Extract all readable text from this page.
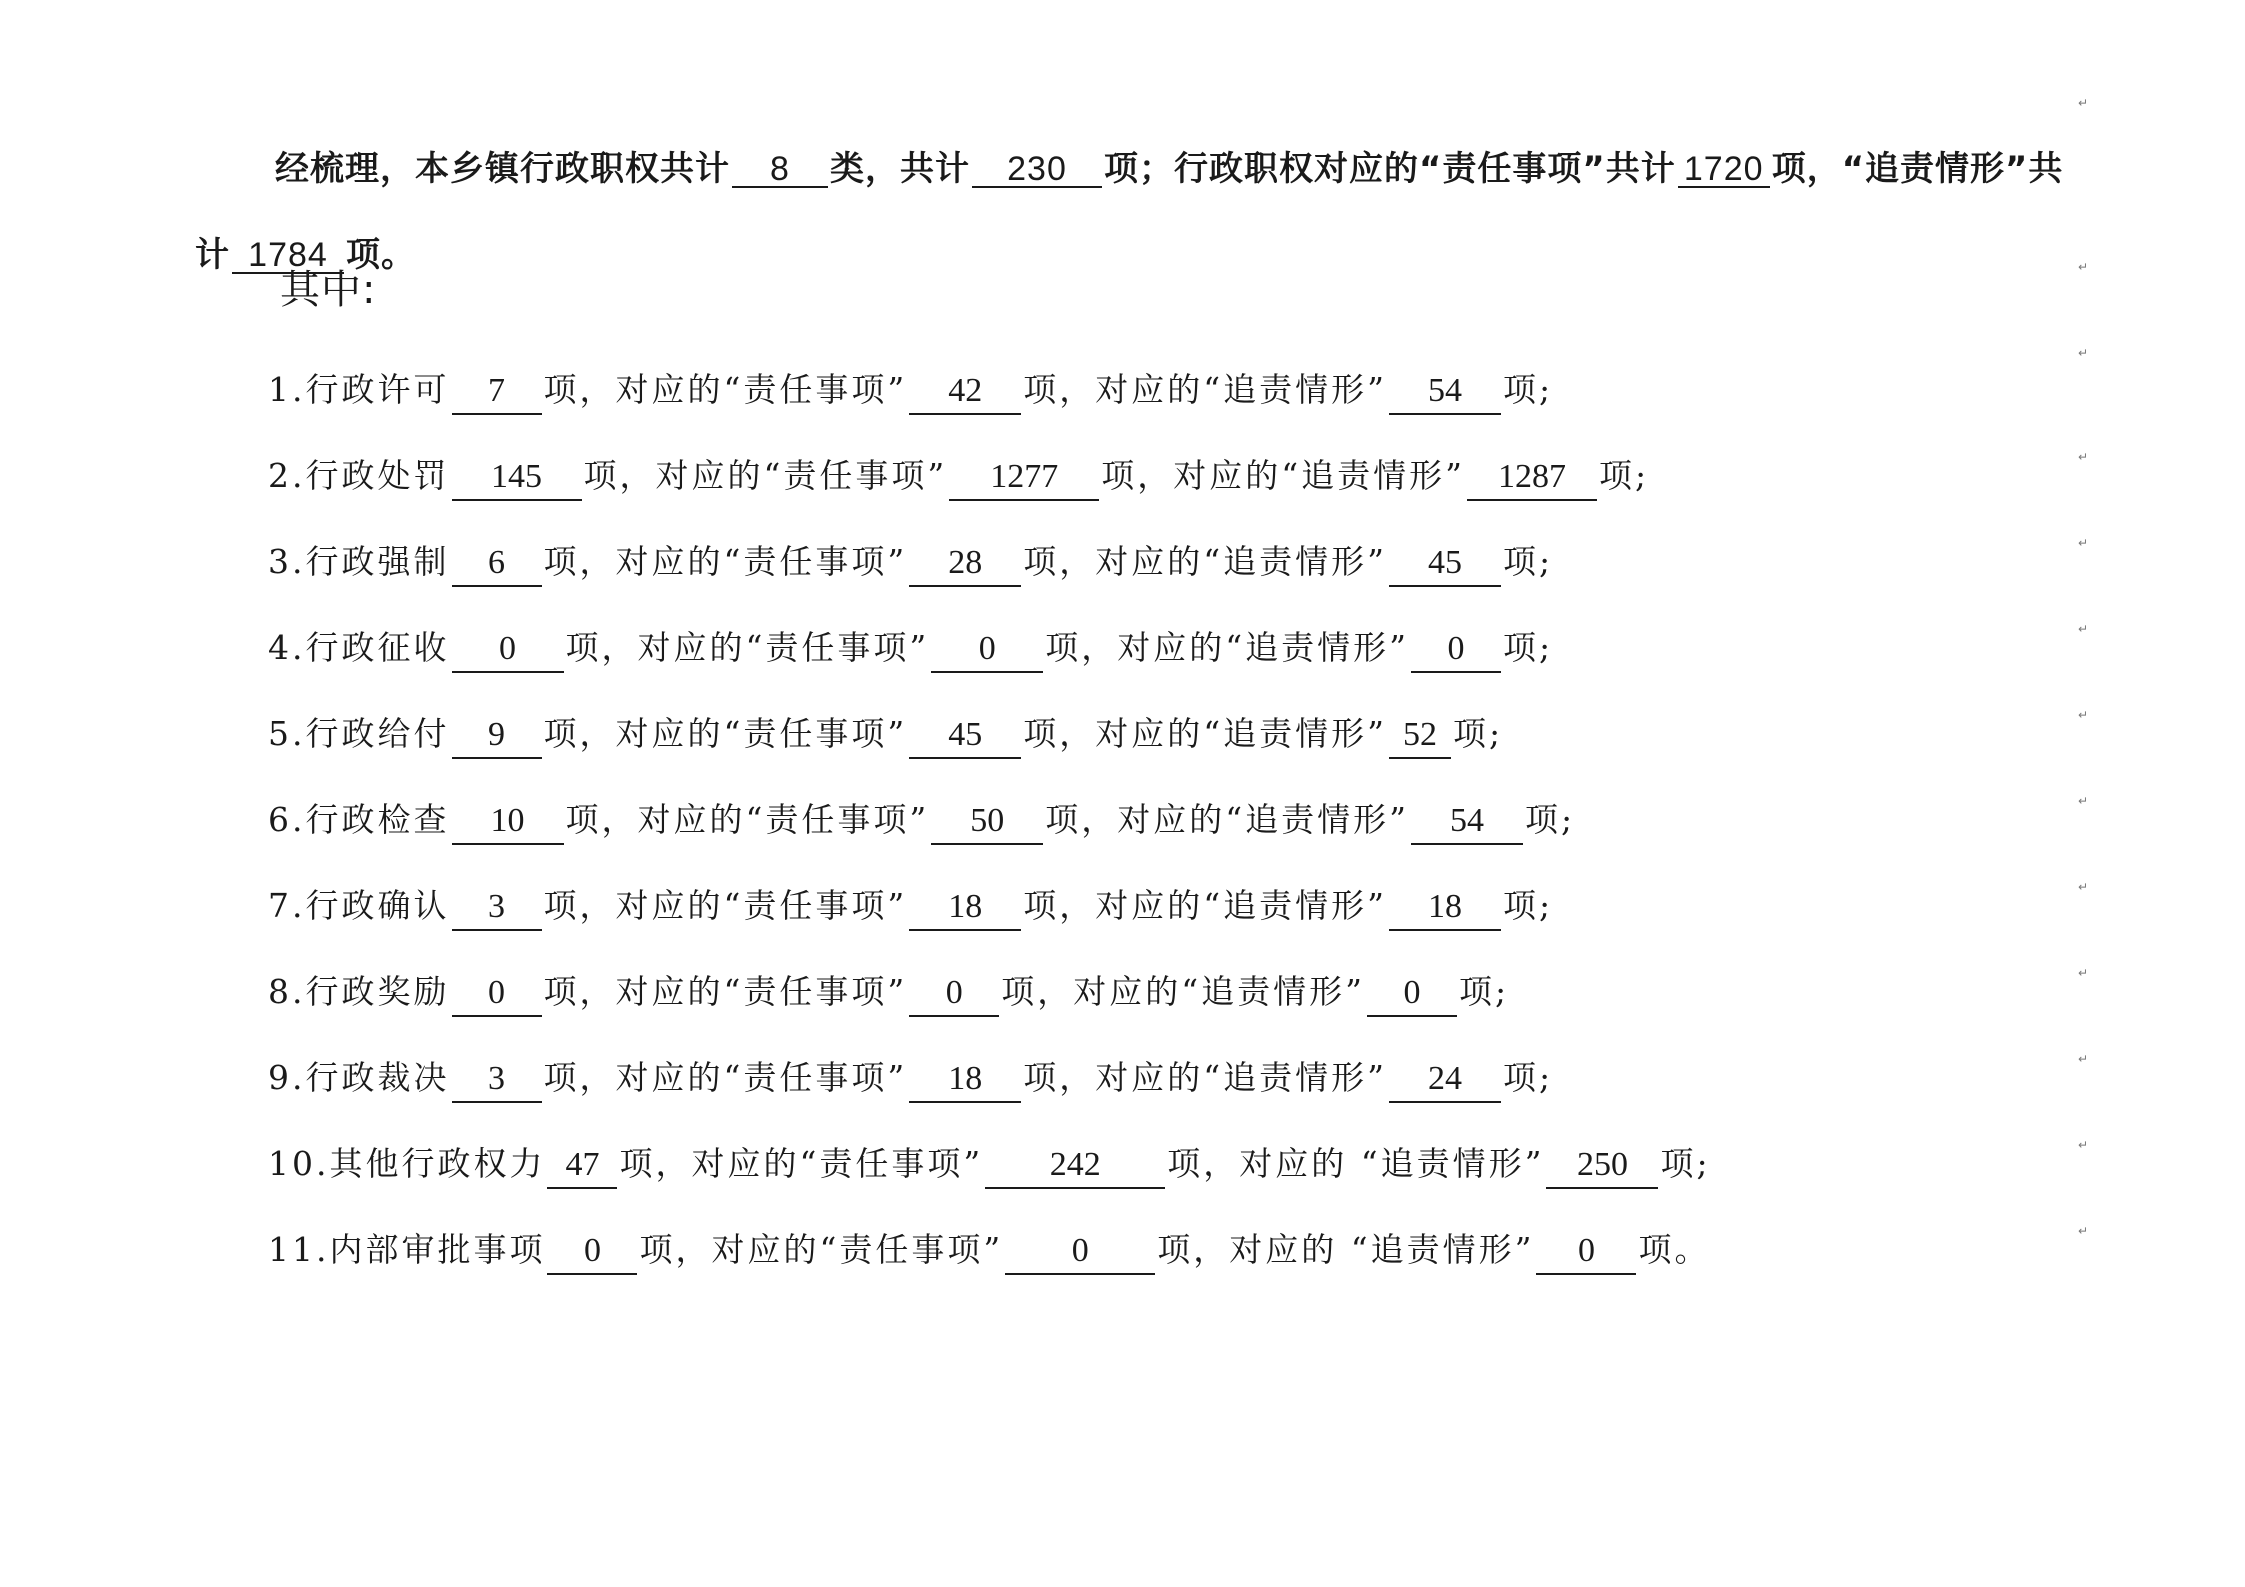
经梳理，本乡镇行政职权共计 8 类，共计 230 项；行政职权对应的“责任事项”共计 1720 项，“追责情形”共计 1784 项。

其中:
1.行政许可 7 项，对应的“责任事项” 42 项，对应的“追责情形” 54 项;
2.行政处罚 145 项，对应的“责任事项” 1277 项，对应的“追责情形” 1287 项;
3.行政强制 6 项，对应的“责任事项” 28 项，对应的“追责情形” 45 项;
4.行政征收 0 项，对应的“责任事项” 0 项，对应的“追责情形” 0 项;
5.行政给付 9 项，对应的“责任事项” 45 项，对应的“追责情形” 52 项;
6.行政检查 10 项，对应的“责任事项” 50 项，对应的“追责情形” 54 项;
7.行政确认 3 项，对应的“责任事项” 18 项，对应的“追责情形” 18 项;
8.行政奖励 0 项，对应的“责任事项” 0 项，对应的“追责情形” 0 项;
9.行政裁决 3 项，对应的“责任事项” 18 项，对应的“追责情形” 24 项;
10.其他行政权力 47 项，对应的“责任事项” 242 项，对应的 “追责情形” 250 项;
11.内部审批事项 0 项，对应的“责任事项” 0 项，对应的 “追责情形” 0 项。
↵
↵
↵
↵
↵
↵
↵
↵
↵
↵
↵
↵
↵
